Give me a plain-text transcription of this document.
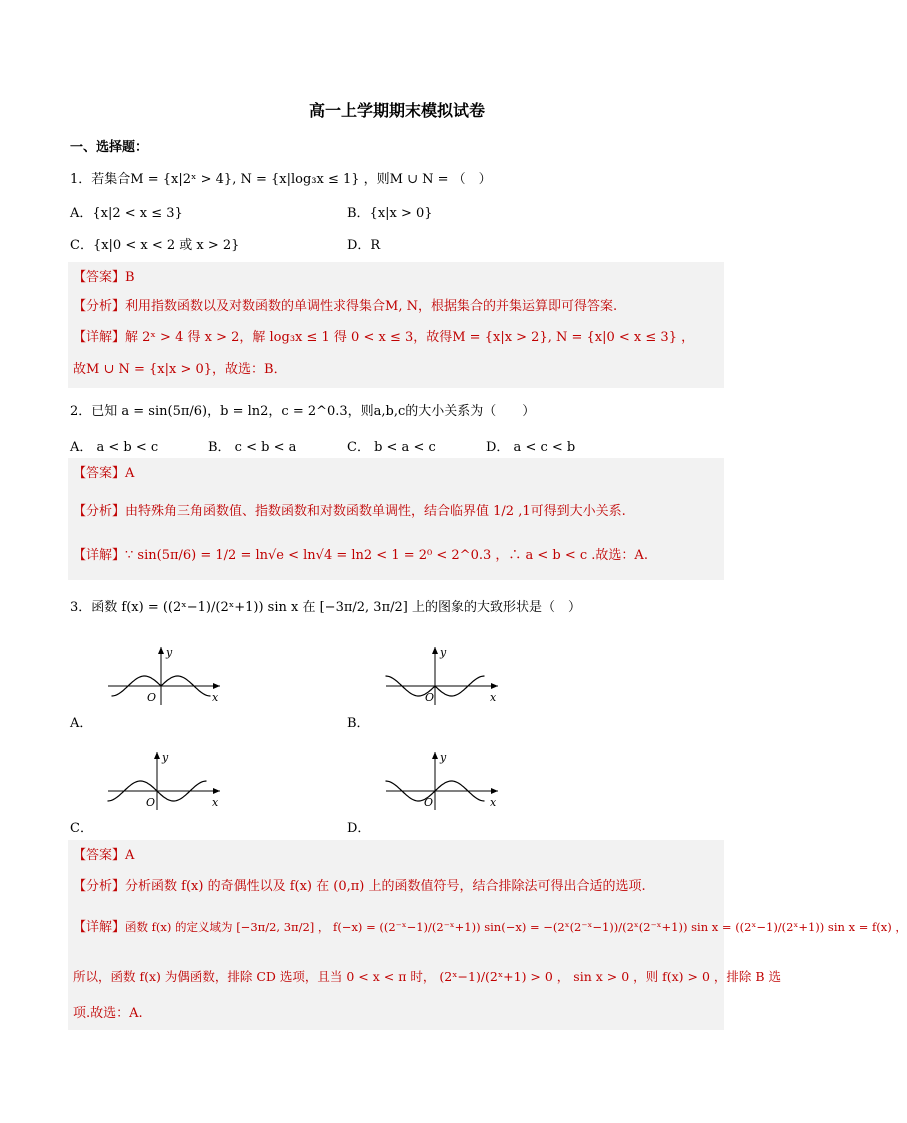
高一上学期期末模拟试卷
一、选择题：
1．若集合M = {x|2ˣ > 4}, N = {x|log₃x ≤ 1} ，则M ∪ N = （　）
A．{x|2 < x ≤ 3}	B．{x|x > 0}
C．{x|0 < x < 2 或 x > 2}	D．R
【答案】B
【分析】利用指数函数以及对数函数的单调性求得集合M, N，根据集合的并集运算即可得答案.
【详解】解 2ˣ > 4 得 x > 2，解 log₃x ≤ 1 得 0 < x ≤ 3，故得M = {x|x > 2}, N = {x|0 < x ≤ 3} ，
故M ∪ N = {x|x > 0}，故选：B．
2．已知 a = sin(5π/6)，b = ln2，c = 2^0.3，则a,b,c的大小关系为（　　）
A． a < b < c	B． c < b < a	C． b < a < c	D． a < c < b
【答案】A
【分析】由特殊角三角函数值、指数函数和对数函数单调性，结合临界值 1/2 ,1可得到大小关系.
【详解】∵ sin(5π/6) = 1/2 = ln√e < ln√4 = ln2 < 1 = 2⁰ < 2^0.3 ，∴ a < b < c .故选：A.
3．函数 f(x) = ((2ˣ−1)/(2ˣ+1)) sin x 在 [−3π/2, 3π/2] 上的图象的大致形状是（　）
y
x
O
A．
y
x
O
B．
y
x
O
C．
y
x
O
D．
【答案】A
【分析】分析函数 f(x) 的奇偶性以及 f(x) 在 (0,π) 上的函数值符号，结合排除法可得出合适的选项.
【详解】函数 f(x) 的定义域为 [−3π/2, 3π/2] ， f(−x) = ((2⁻ˣ−1)/(2⁻ˣ+1)) sin(−x) = −(2ˣ(2⁻ˣ−1))/(2ˣ(2⁻ˣ+1)) sin x = ((2ˣ−1)/(2ˣ+1)) sin x = f(x) ，
所以，函数 f(x) 为偶函数，排除 CD 选项，且当 0 < x < π 时， (2ˣ−1)/(2ˣ+1) > 0 ， sin x > 0 ，则 f(x) > 0 ，排除 B 选
项.故选：A.
